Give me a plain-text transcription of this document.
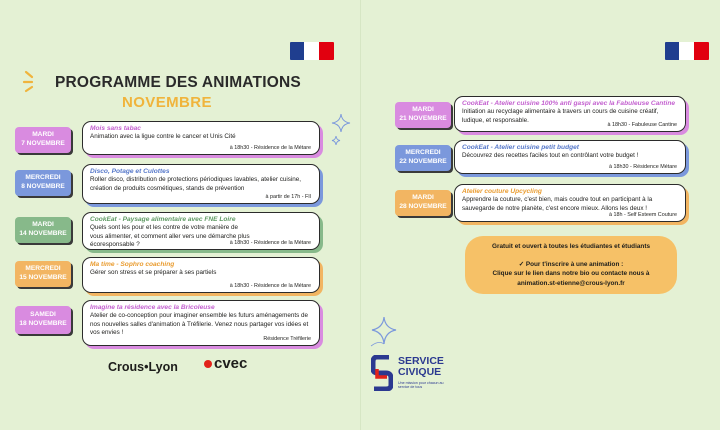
PROGRAMME DES ANIMATIONS
NOVEMBRE
MARDI
7 NOVEMBRE
Mois sans tabac
Animation avec la ligue contre le cancer et Unis Cité
à 18h30 - Résidence de la Métare
MERCREDI
8 NOVEMBRE
Disco, Potage et Culottes
Roller disco, distribution de protections périodiques lavables, atelier cuisine, création de produits cosmétiques, stands de prévention
à partir de 17h - FIl
MARDI
14 NOVEMBRE
CookEat - Paysage alimentaire avec FNE Loire
Quels sont les pour et les contre de votre manière de vous alimenter, et comment aller vers une démarche plus écoresponsable ?	à 18h30 - Résidence de la Métare
MERCREDI
15 NOVEMBRE
Ma time - Sophro coaching
Gérer son stress et se préparer à ses partiels
à 18h30 - Résidence de la Métare
SAMEDI
18 NOVEMBRE
Imagine ta résidence avec la Bricoleuse
Atelier de co-conception pour imaginer ensemble les futurs aménagements de nos nouvelles salles d'animation à Tréfilerie. Venez nous partager vos idées et vos envies !
Résidence Tréfilerie
Crous•Lyon	cvec
MARDI
21 NOVEMBRE
CookEat - Atelier cuisine 100% anti gaspi avec la Fabuleuse Cantine
Initiation au recyclage alimentaire à travers un cours de cuisine créatif, ludique, et responsable.
à 18h30 - Fabuleuse Cantine
MERCREDI
22 NOVEMBRE
CookEat - Atelier cuisine petit budget
Découvrez des recettes faciles tout en contrôlant votre budget !
à 18h30 - Résidence Métare
MARDI
28 NOVEMBRE
Atelier couture Upcycling
Apprendre la couture, c'est bien, mais coudre tout en participant à la sauvegarde de notre planète, c'est encore mieux. Allons les deux !
à 18h - Self Esteem Couture
Gratuit et ouvert à toutes les étudiantes et étudiants
✓ Pour t'inscrire à une animation :
Clique sur le lien dans notre bio ou contacte nous à
animation.st-etienne@crous-lyon.fr
SERVICE
CIVIQUE
Une mission pour chacun au service de tous
